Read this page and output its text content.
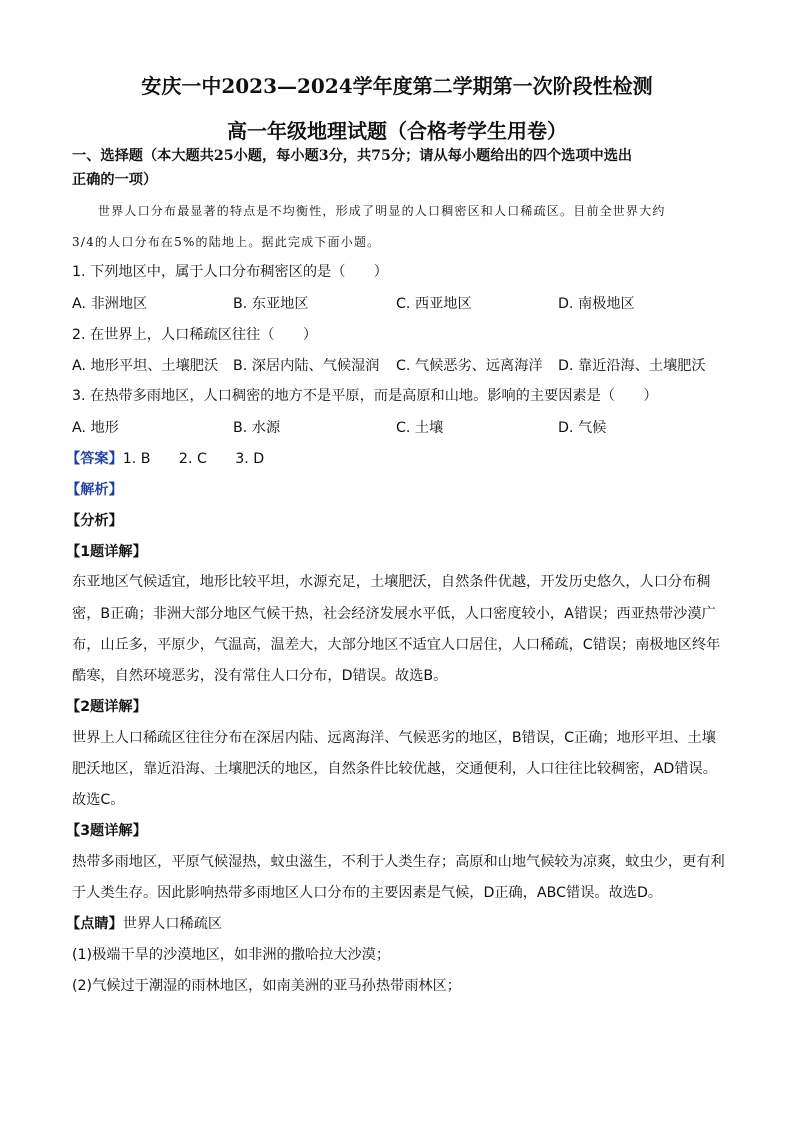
安庆一中2023—2024学年度第二学期第一次阶段性检测
高一年级地理试题（合格考学生用卷）
一、选择题（本大题共25小题，每小题3分，共75分；请从每小题给出的四个选项中选出
正确的一项）
世界人口分布最显著的特点是不均衡性，形成了明显的人口稠密区和人口稀疏区。目前全世界大约
3/4的人口分布在5%的陆地上。据此完成下面小题。
1. 下列地区中，属于人口分布稠密区的是（　　）
A. 非洲地区	B. 东亚地区	C. 西亚地区	D. 南极地区
2. 在世界上，人口稀疏区往往（　　）
A. 地形平坦、土壤肥沃 B. 深居内陆、气候湿润 C. 气候恶劣、远离海洋 D. 靠近沿海、土壤肥沃
3. 在热带多雨地区，人口稠密的地方不是平原，而是高原和山地。影响的主要因素是（　　）
A. 地形	B. 水源	C. 土壤	D. 气候
【答案】1. B　　2. C　　3. D
【解析】
【分析】
【1题详解】
东亚地区气候适宜，地形比较平坦，水源充足，土壤肥沃，自然条件优越，开发历史悠久，人口分布稠
密，B正确；非洲大部分地区气候干热，社会经济发展水平低，人口密度较小，A错误；西亚热带沙漠广
布，山丘多，平原少，气温高，温差大，大部分地区不适宜人口居住，人口稀疏，C错误；南极地区终年
酷寒，自然环境恶劣，没有常住人口分布，D错误。故选B。
【2题详解】
世界上人口稀疏区往往分布在深居内陆、远离海洋、气候恶劣的地区，B错误，C正确；地形平坦、土壤
肥沃地区，靠近沿海、土壤肥沃的地区，自然条件比较优越，交通便利，人口往往比较稠密，AD错误。
故选C。
【3题详解】
热带多雨地区，平原气候湿热，蚊虫滋生，不利于人类生存；高原和山地气候较为凉爽，蚊虫少，更有利
于人类生存。因此影响热带多雨地区人口分布的主要因素是气候，D正确，ABC错误。故选D。
【点睛】世界人口稀疏区
(1)极端干旱的沙漠地区，如非洲的撒哈拉大沙漠；
(2)气候过于潮湿的雨林地区，如南美洲的亚马孙热带雨林区；
